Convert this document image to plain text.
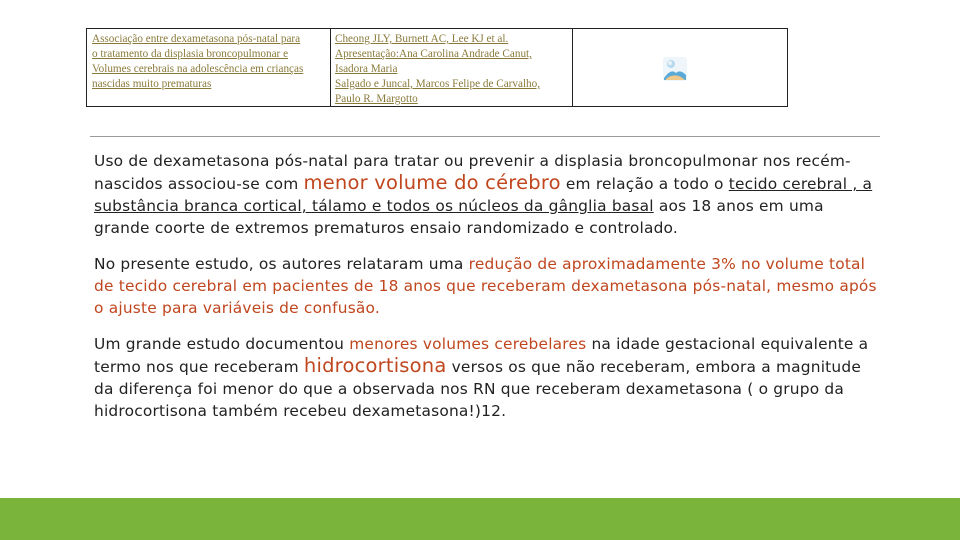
Associação entre dexametasona pós-natal para
o tratamento da displasia broncopulmonar e
Volumes cerebrais na adolescência em crianças
nascidas muito prematuras
Cheong JLY, Burnett AC, Lee KJ et al.
Apresentação:Ana Carolina Andrade Canut,
Isadora Maria
Salgado e Juncal, Marcos Felipe de Carvalho,
Paulo R. Margotto

Uso de dexametasona pós-natal para tratar ou prevenir a displasia broncopulmonar nos recém-nascidos associou-se com menor volume do cérebro em relação a todo o tecido cerebral , a substância branca cortical, tálamo e todos os núcleos da gânglia basal aos 18 anos em uma grande coorte de extremos prematuros ensaio randomizado e controlado.

No presente estudo, os autores relataram uma redução de aproximadamente 3% no volume total de tecido cerebral em pacientes de 18 anos que receberam dexametasona pós-natal, mesmo após o ajuste para variáveis de confusão.

Um grande estudo documentou menores volumes cerebelares na idade gestacional equivalente a termo nos que receberam hidrocortisona versos os que não receberam, embora a magnitude da diferença foi menor do que a observada nos RN que receberam dexametasona ( o grupo da hidrocortisona também recebeu dexametasona!)12.
